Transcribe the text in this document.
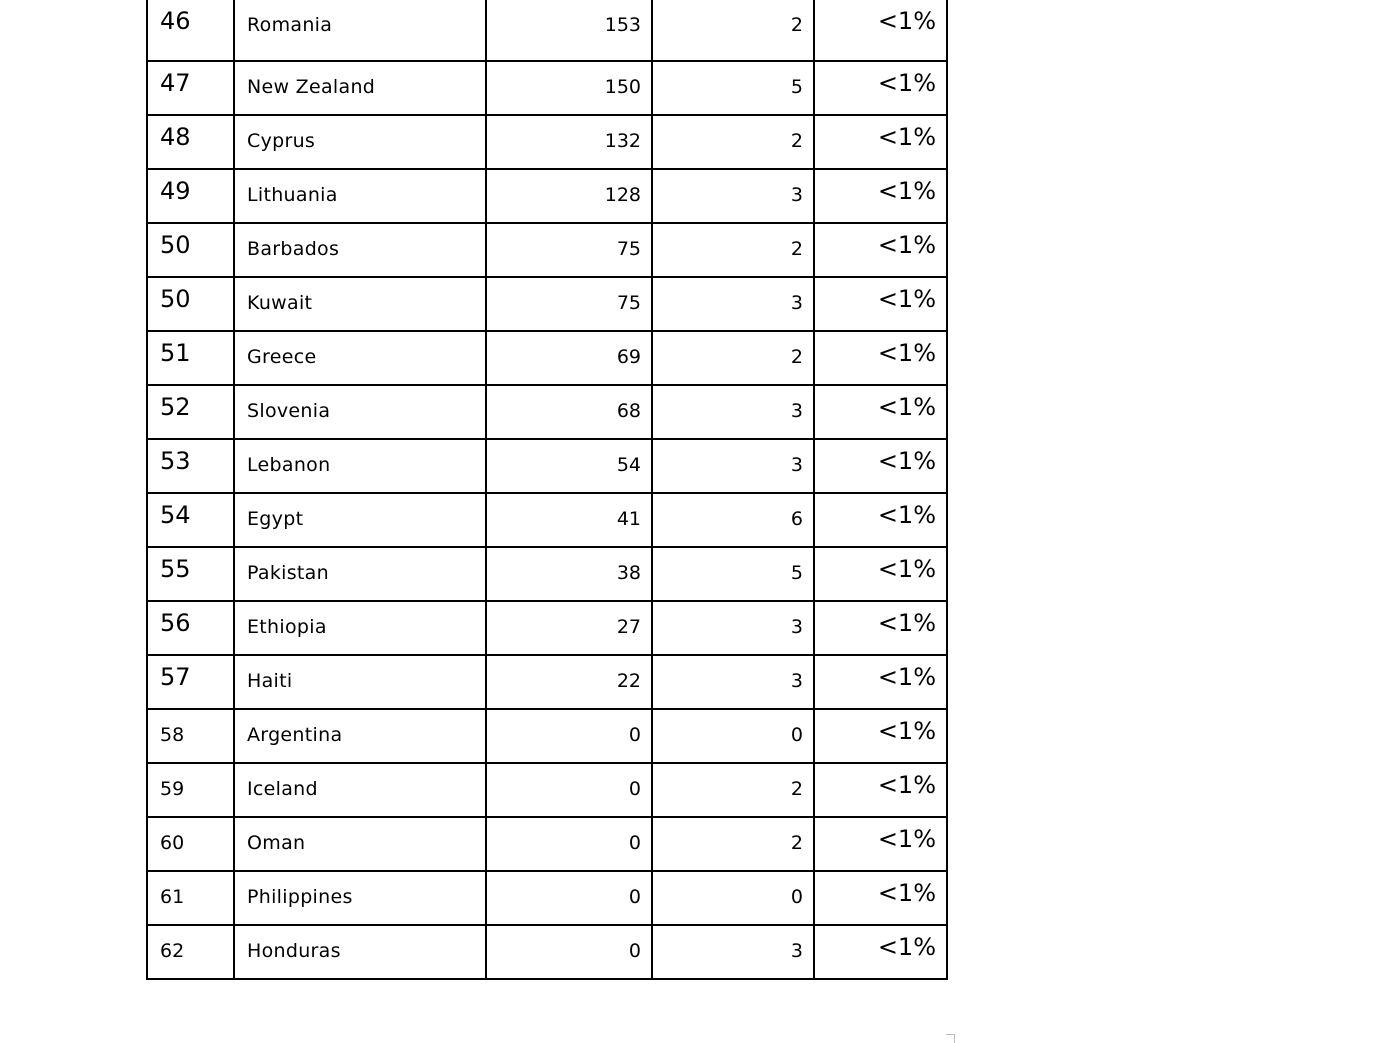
46	Romania	153	2	<1%

47	New Zealand	150	5	<1%

48	Cyprus	132	2	<1%

49	Lithuania	128	3	<1%

50	Barbados	75	2	<1%

50	Kuwait	75	3	<1%

51	Greece	69	2	<1%

52	Slovenia	68	3	<1%

53	Lebanon	54	3	<1%

54	Egypt	41	6	<1%

55	Pakistan	38	5	<1%

56	Ethiopia	27	3	<1%

57	Haiti	22	3	<1%

58	Argentina	0	0	<1%

59	Iceland	0	2	<1%

60	Oman	0	2	<1%

61	Philippines	0	0	<1%

62	Honduras	0	3	<1%
